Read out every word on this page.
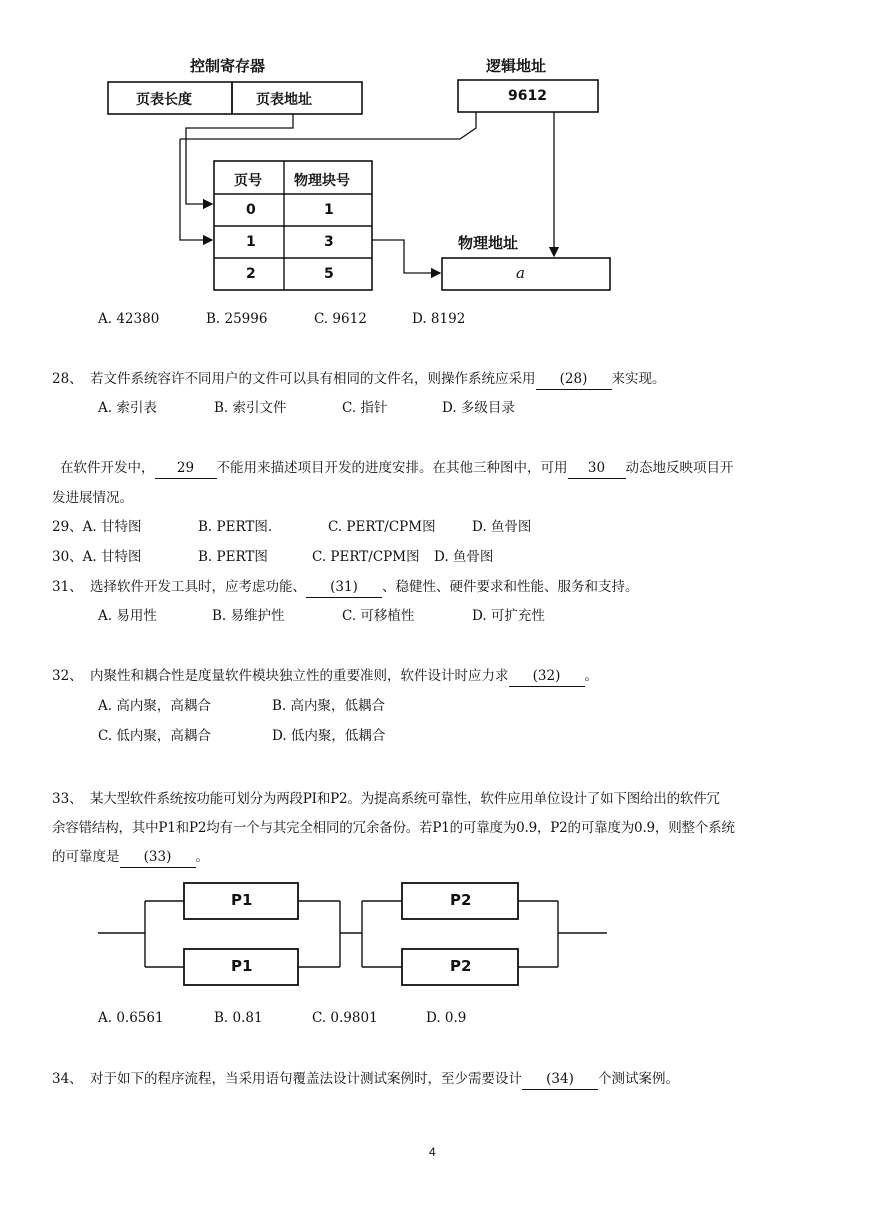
控制寄存器
页表长度	页表地址
逻辑地址
9612
页号 物理块号
0	1
1	3
2	5
物理地址
a
A. 42380	B. 25996	C. 9612	D. 8192
28、 若文件系统容许不同用户的文件可以具有相同的文件名，则操作系统应采用 (28) 来实现。
A. 索引表	B. 索引文件	C. 指针	D. 多级目录
在软件开发中， 29 不能用来描述项目开发的进度安排。在其他三种图中，可用 30 动态地反映项目开
发进展情况。
29、A. 甘特图	B. PERT图.	C. PERT/CPM图	D. 鱼骨图
30、A. 甘特图	B. PERT图	C. PERT/CPM图 D. 鱼骨图
31、 选择软件开发工具时，应考虑功能、 (31) 、稳健性、硬件要求和性能、服务和支持。
A. 易用性	B. 易维护性	C. 可移植性	D. 可扩充性
32、 内聚性和耦合性是度量软件模块独立性的重要准则，软件设计时应力求 (32) 。
A. 高内聚，高耦合	B. 高内聚，低耦合
C. 低内聚，高耦合	D. 低内聚，低耦合
33、 某大型软件系统按功能可划分为两段PI和P2。为提高系统可靠性，软件应用单位设计了如下图给出的软件冗
余容错结构，其中P1和P2均有一个与其完全相同的冗余备份。若P1的可靠度为0.9，P2的可靠度为0.9，则整个系统
的可靠度是 (33) 。
P1
P1
P2
P2
A. 0.6561	B. 0.81	C. 0.9801	D. 0.9
34、 对于如下的程序流程，当采用语句覆盖法设计测试案例时，至少需要设计 (34) 个测试案例。
4
